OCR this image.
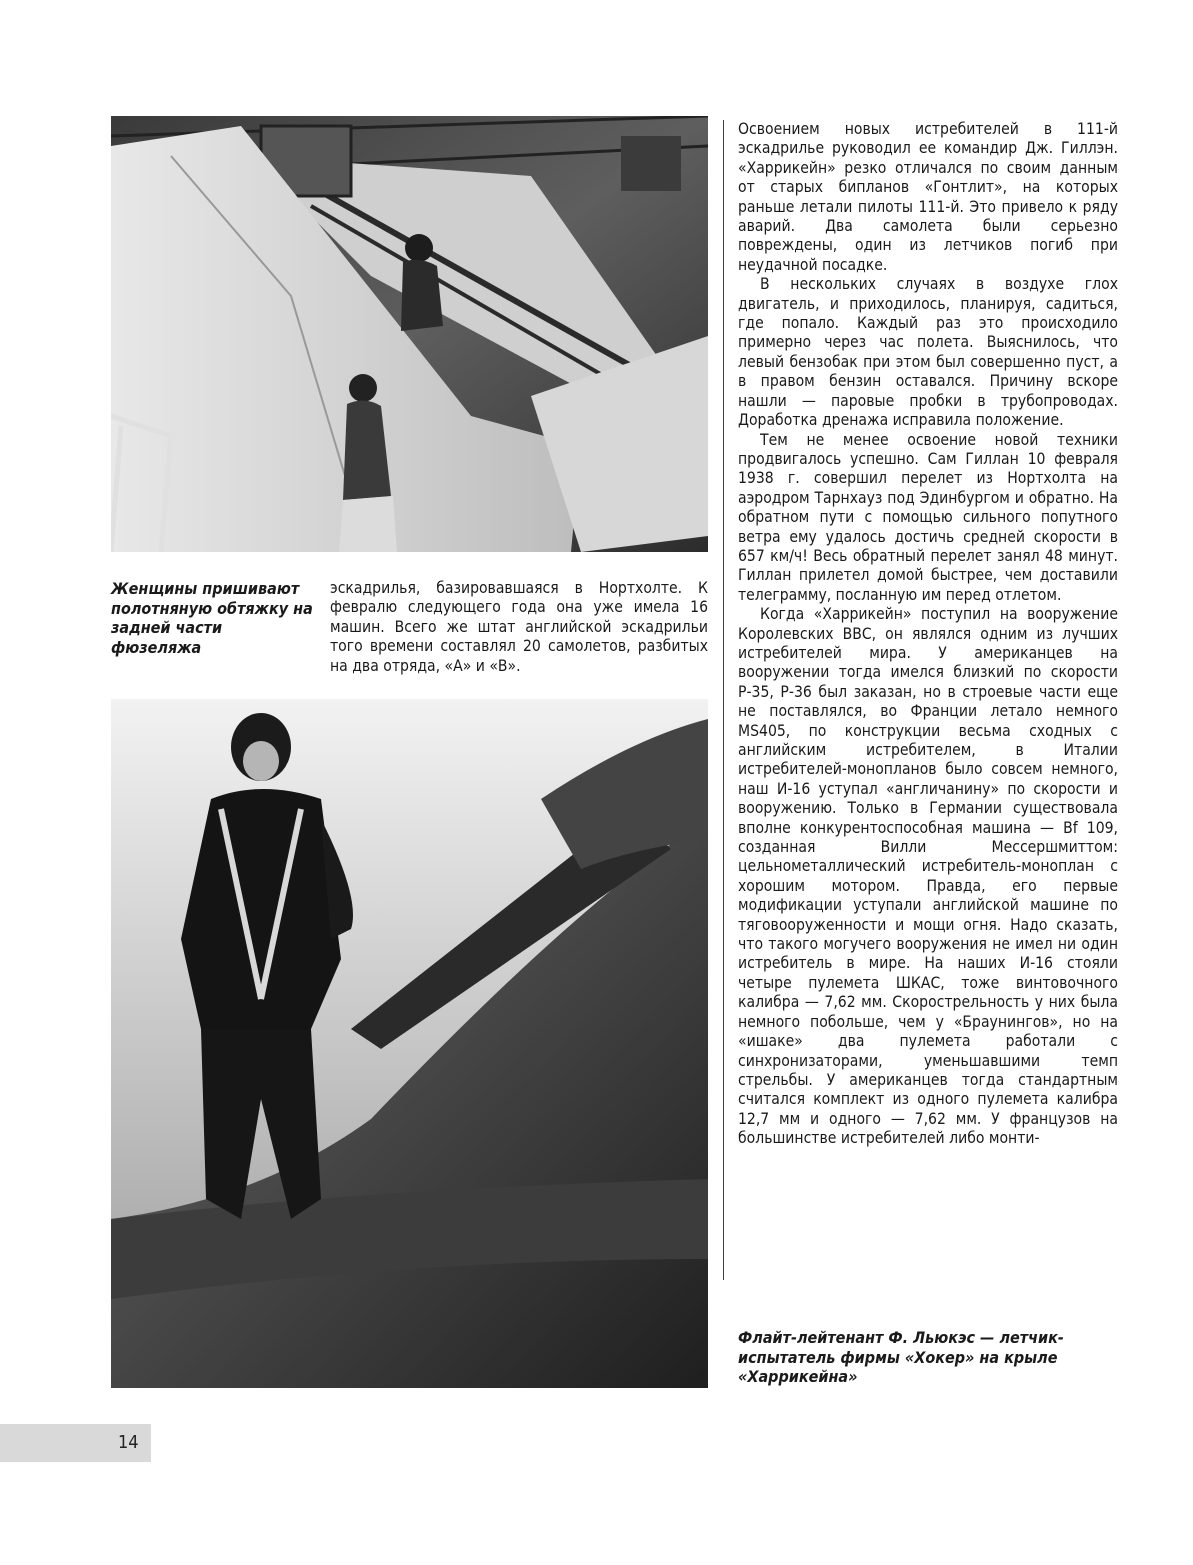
Женщины пришивают полотняную обтяжку на задней части фюзеляжа

эскадрилья, базировавшаяся в Нортхолте. К февралю следующего года она уже имела 16 машин. Всего же штат английской эскадрильи того времени составлял 20 самолетов, разбитых на два отряда, «А» и «В».

Флайт-лейтенант Ф. Льюкэс — летчик-испытатель фирмы «Хокер» на крыле «Харрикейна»

Освоением новых истребителей в 111-й эскадрилье руководил ее командир Дж. Гиллэн. «Харрикейн» резко отличался по своим данным от старых бипланов «Гонтлит», на которых раньше летали пилоты 111-й. Это привело к ряду аварий. Два самолета были серьезно повреждены, один из летчиков погиб при неудачной посадке.

В нескольких случаях в воздухе глох двигатель, и приходилось, планируя, садиться, где попало. Каждый раз это происходило примерно через час полета. Выяснилось, что левый бензобак при этом был совершенно пуст, а в правом бензин оставался. Причину вскоре нашли — паровые пробки в трубопроводах. Доработка дренажа исправила положение.

Тем не менее освоение новой техники продвигалось успешно. Сам Гиллан 10 февраля 1938 г. совершил перелет из Нортхолта на аэродром Тарнхауз под Эдинбургом и обратно. На обратном пути с помощью сильного попутного ветра ему удалось достичь средней скорости в 657 км/ч! Весь обратный перелет занял 48 минут. Гиллан прилетел домой быстрее, чем доставили телеграмму, посланную им перед отлетом.

Когда «Харрикейн» поступил на вооружение Королевских ВВС, он являлся одним из лучших истребителей мира. У американцев на вооружении тогда имелся близкий по скорости Р-35, Р-36 был заказан, но в строевые части еще не поставлялся, во Франции летало немного MS405, по конструкции весьма сходных с английским истребителем, в Италии истребителей-монопланов было совсем немного, наш И-16 уступал «англичанину» по скорости и вооружению. Только в Германии существовала вполне конкурентоспособная машина — Bf 109, созданная Вилли Мессершмиттом: цельнометаллический истребитель-моноплан с хорошим мотором. Правда, его первые модификации уступали английской машине по тяговооруженности и мощи огня. Надо сказать, что такого могучего вооружения не имел ни один истребитель в мире. На наших И-16 стояли четыре пулемета ШКАС, тоже винтовочного калибра — 7,62 мм. Скорострельность у них была немного побольше, чем у «Браунингов», но на «ишаке» два пулемета работали с синхронизаторами, уменьшавшими темп стрельбы. У американцев тогда стандартным считался комплект из одного пулемета калибра 12,7 мм и одного — 7,62 мм. У французов на большинстве истребителей либо монти-

14
